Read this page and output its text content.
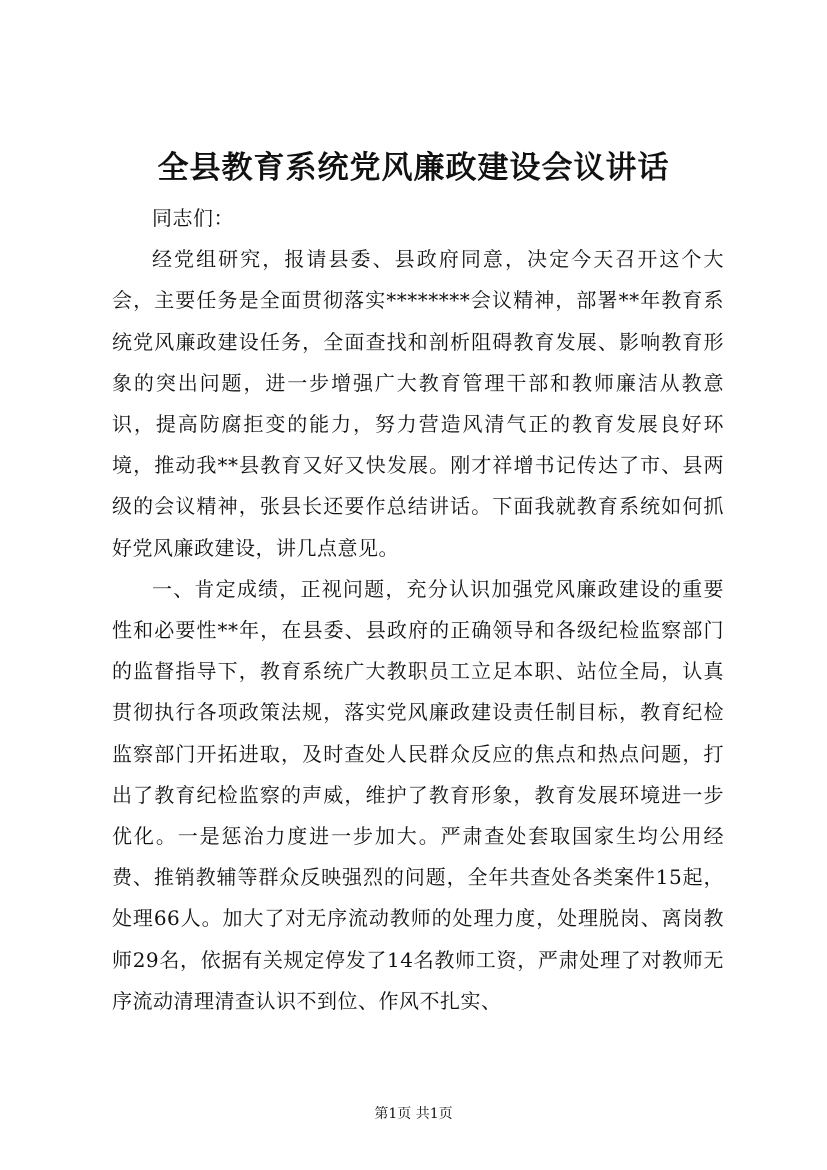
全县教育系统党风廉政建设会议讲话

同志们：

经党组研究，报请县委、县政府同意，决定今天召开这个大会，主要任务是全面贯彻落实********会议精神，部署**年教育系统党风廉政建设任务，全面查找和剖析阻碍教育发展、影响教育形象的突出问题，进一步增强广大教育管理干部和教师廉洁从教意识，提高防腐拒变的能力，努力营造风清气正的教育发展良好环境，推动我**县教育又好又快发展。刚才祥增书记传达了市、县两级的会议精神，张县长还要作总结讲话。下面我就教育系统如何抓好党风廉政建设，讲几点意见。

一、肯定成绩，正视问题，充分认识加强党风廉政建设的重要性和必要性**年，在县委、县政府的正确领导和各级纪检监察部门的监督指导下，教育系统广大教职员工立足本职、站位全局，认真贯彻执行各项政策法规，落实党风廉政建设责任制目标，教育纪检监察部门开拓进取，及时查处人民群众反应的焦点和热点问题，打出了教育纪检监察的声威，维护了教育形象，教育发展环境进一步优化。一是惩治力度进一步加大。严肃查处套取国家生均公用经费、推销教辅等群众反映强烈的问题，全年共查处各类案件15起，处理66人。加大了对无序流动教师的处理力度，处理脱岗、离岗教师29名，依据有关规定停发了14名教师工资，严肃处理了对教师无序流动清理清查认识不到位、作风不扎实、

第1页 共1页
